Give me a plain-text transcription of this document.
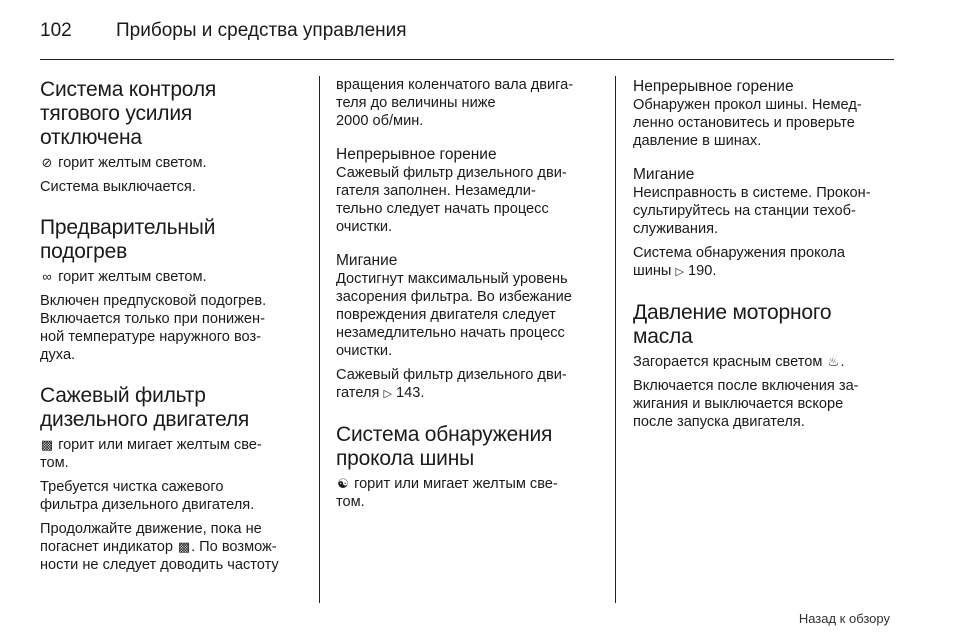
102	Приборы и средства управления
Система контроля
тягового усилия
отключена

⊘ горит желтым светом.

Система выключается.

Предварительный
подогрев

∞ горит желтым светом.

Включен предпусковой подогрев.
Включается только при понижен-
ной температуре наружного воз-
духа.

Сажевый фильтр
дизельного двигателя

▩ горит или мигает желтым све-
том.

Требуется чистка сажевого
фильтра дизельного двигателя.

Продолжайте движение, пока не
погаснет индикатор ▩. По возмож-
ности не следует доводить частоту

вращения коленчатого вала двига-
теля до величины ниже
2000 об/мин.

Непрерывное горение

Сажевый фильтр дизельного дви-
гателя заполнен. Незамедли-
тельно следует начать процесс
очистки.

Мигание

Достигнут максимальный уровень
засорения фильтра. Во избежание
повреждения двигателя следует
незамедлительно начать процесс
очистки.

Сажевый фильтр дизельного дви-
гателя ▷ 143.

Система обнаружения
прокола шины

☯ горит или мигает желтым све-
том.

Непрерывное горение

Обнаружен прокол шины. Немед-
ленно остановитесь и проверьте
давление в шинах.

Мигание

Неисправность в системе. Прокон-
сультируйтесь на станции техоб-
служивания.

Система обнаружения прокола
шины ▷ 190.

Давление моторного
масла

Загорается красным светом ♨.

Включается после включения за-
жигания и выключается вскоре
после запуска двигателя.

Назад к обзору
